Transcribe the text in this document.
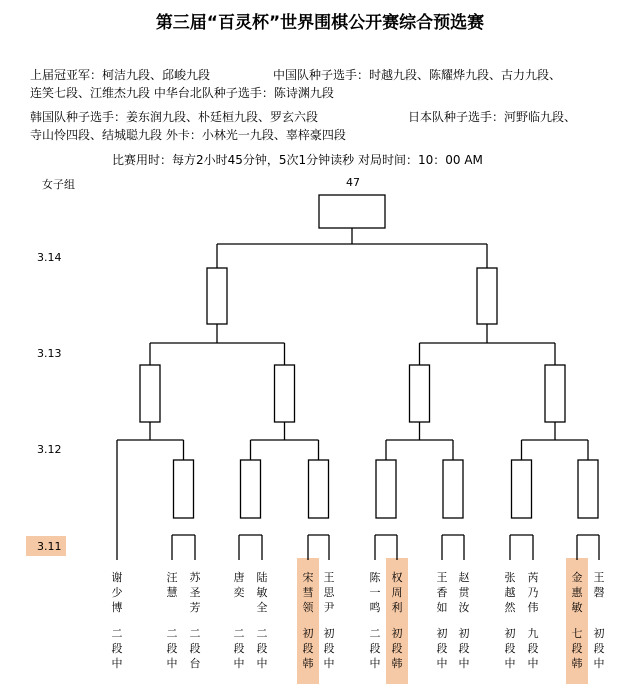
第三届“百灵杯”世界围棋公开赛综合预选赛
上届冠亚军：柯洁九段、邱峻九段	中国队种子选手：时越九段、陈耀烨九段、古力九段、
连笑七段、江维杰九段 中华台北队种子选手：陈诗渊九段
韩国队种子选手：姜东润九段、朴廷桓九段、罗玄六段	日本队种子选手：河野临九段、
寺山怜四段、结城聪九段 外卡：小林光一九段、辜梓豪四段
比赛用时：每方2小时45分钟，5次1分钟读秒 对局时间：10：00 AM
女子组	47
3.14
3.13
3.12
3.11
谢少博
二段中
汪慧
二段中
苏圣芳
二段台
唐奕
二段中
陆敏全
二段中
宋彗领
初段韩
王思尹
初段中
陈一鸣
二段中
权周利
初段韩
王香如
初段中
赵贯汝
初段中
张越然
初段中
芮乃伟
九段中
金惠敏
七段韩
王磬
初段中
